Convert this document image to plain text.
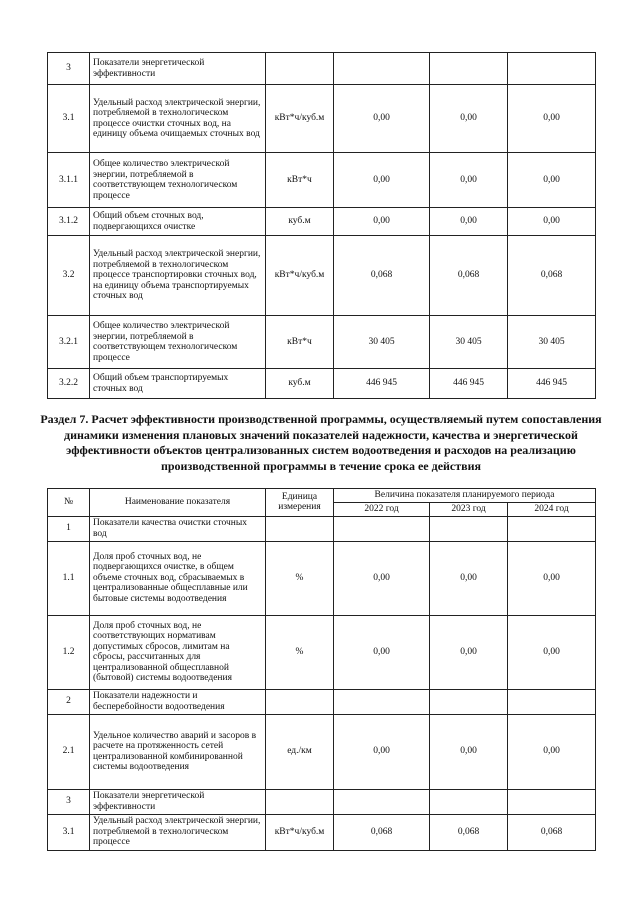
3	Показатели энергетической эффективности				
3.1	Удельный расход электрической энергии, потребляемой в технологическом процессе очистки сточных вод, на единицу объема очищаемых сточных вод	кВт*ч/куб.м	0,00	0,00	0,00
3.1.1	Общее количество электрической энергии, потребляемой в соответствующем технологическом процессе	кВт*ч	0,00	0,00	0,00
3.1.2	Общий объем сточных вод, подвергающихся очистке	куб.м	0,00	0,00	0,00
3.2	Удельный расход электрической энергии, потребляемой в технологическом процессе транспортировки сточных вод, на единицу объема транспортируемых сточных вод	кВт*ч/куб.м	0,068	0,068	0,068
3.2.1	Общее количество электрической энергии, потребляемой в соответствующем технологическом процессе	кВт*ч	30 405	30 405	30 405
3.2.2	Общий объем транспортируемых сточных вод	куб.м	446 945	446 945	446 945
Раздел 7. Расчет эффективности производственной программы, осуществляемый путем сопоставления динамики изменения плановых значений показателей надежности, качества и энергетической эффективности объектов централизованных систем водоотведения и расходов на реализацию производственной программы в течение срока ее действия
№	Наименование показателя	Единица измерения	Величина показателя планируемого периода		
			2022 год	2023 год	2024 год
1	Показатели качества очистки сточных вод				
1.1	Доля проб сточных вод, не подвергающихся очистке, в общем объеме сточных вод, сбрасываемых в централизованные общесплавные или бытовые системы водоотведения	%	0,00	0,00	0,00
1.2	Доля проб сточных вод, не соответствующих нормативам допустимых сбросов, лимитам на сбросы, рассчитанных для централизованной общесплавной (бытовой) системы водоотведения	%	0,00	0,00	0,00
2	Показатели надежности и бесперебойности водоотведения				
2.1	Удельное количество аварий и засоров в расчете на протяженность сетей централизованной комбинированной системы водоотведения	ед./км	0,00	0,00	0,00
3	Показатели энергетической эффективности				
3.1	Удельный расход электрической энергии, потребляемой в технологическом процессе	кВт*ч/куб.м	0,068	0,068	0,068
